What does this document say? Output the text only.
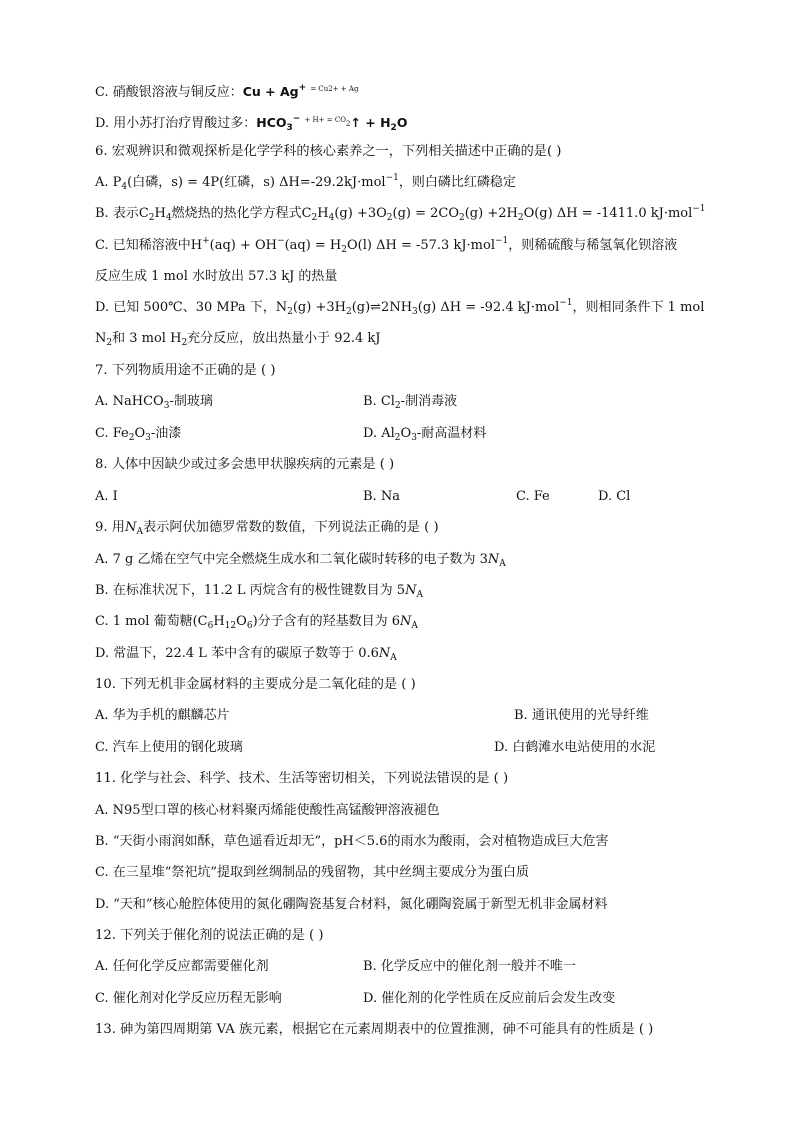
C. 硝酸银溶液与铜反应：Cu + Ag+ $^{= Cu2+ + Ag}$
D. 用小苏打治疗胃酸过多：$HCO_3^-$ $^{+ H+ =}$ $^{CO}$2↑ + $H_2O$
6. 宏观辨识和微观探析是化学学科的核心素养之一，下列相关描述中正确的是( )
A. $P_4$(白磷，s) = 4P(红磷，s) ΔH=-29.2kJ·mol$^{-1}$，则白磷比红磷稳定
B. 表示$C_2H_4$燃烧热的热化学方程式$C_2H_4(g) +3O_2(g) = 2CO_2(g) +2H_2O(g) \Delta H = -1411.0$ kJ·mol$^{-1}$
C. 已知稀溶液中$H^+(aq) + OH^-(aq) = H_2O(l) \Delta H = -57.3$ kJ·mol$^{-1}$，则稀硫酸与稀氢氧化钡溶液
反应生成 1 mol 水时放出 57.3 kJ 的热量
D. 已知 500℃、30 MPa 下，$N_2(g)$ $+3H_2(g)\rightleftharpoons 2NH_3(g) \Delta H = -92.4$ kJ·mol$^{-1}$，则相同条件下 1 mol
$N_2$和 3 mol $H_2$充分反应，放出热量小于 92.4 kJ
7. 下列物质用途不正确的是 ( )
A. NaHCO$_3$-制玻璃	B. $Cl_2-$制消毒液
C. $Fe_2O_3-$油漆	D. $Al_2O_3-$耐高温材料
8. 人体中因缺少或过多会患甲状腺疾病的元素是 ( )
A. I	B. Na	C. Fe	D. Cl
9. 用$N_A$表示阿伏加德罗常数的数值，下列说法正确的是 ( )
A. 7 g 乙烯在空气中完全燃烧生成水和二氧化碳时转移的电子数为 $3N_A$
B. 在标准状况下，11.2 L 丙烷含有的极性键数目为 $5N_A$
C. 1 mol 葡萄糖$(C_6H_{12}O_6)$分子含有的羟基数目为 $6N_A$
D. 常温下，22.4 L 苯中含有的碳原子数等于 $0.6N_A$
10. 下列无机非金属材料的主要成分是二氧化硅的是 ( )
A. 华为手机的麒麟芯片	B. 通讯使用的光导纤维
C. 汽车上使用的钢化玻璃	D. 白鹤滩水电站使用的水泥
11. 化学与社会、科学、技术、生活等密切相关，下列说法错误的是 ( )
A. N95型口罩的核心材料聚丙烯能使酸性高锰酸钾溶液褪色
B. “天街小雨润如酥，草色遥看近却无”，pH＜5.6的雨水为酸雨，会对植物造成巨大危害
C. 在三星堆“祭祀坑”提取到丝绸制品的残留物，其中丝绸主要成分为蛋白质
D. “天和”核心舱腔体使用的氮化硼陶瓷基复合材料，氮化硼陶瓷属于新型无机非金属材料
12. 下列关于催化剂的说法正确的是 ( )
A. 任何化学反应都需要催化剂	B. 化学反应中的催化剂一般并不唯一
C. 催化剂对化学反应历程无影响	D. 催化剂的化学性质在反应前后会发生改变
13. 砷为第四周期第 VA 族元素，根据它在元素周期表中的位置推测，砷不可能具有的性质是 ( )
